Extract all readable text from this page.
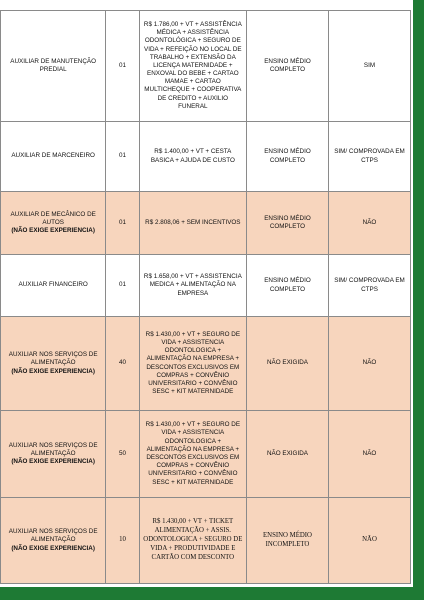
AUXILIAR DE MANUTENÇÃO PREDIAL	01	R$ 1.786,00 + VT + ASSISTÊNCIA MÉDICA + ASSISTÊNCIA ODONTOLÓGICA + SEGURO DE VIDA + REFEIÇÃO NO LOCAL DE TRABALHO + EXTENSÃO DA LICENÇA MATERNIDADE + ENXOVAL DO BEBE + CARTAO MAMAE + CARTAO MULTICHEQUE + COOPERATIVA DE CREDITO + AUXILIO FUNERAL	ENSINO MÉDIO COMPLETO	SIM

AUXILIAR DE MARCENEIRO	01	R$ 1.400,00 + VT + CESTA BASICA + AJUDA DE CUSTO	ENSINO MÉDIO COMPLETO	SIM/ COMPROVADA EM CTPS

AUXILIAR DE MECÂNICO DE AUTOS
(NÃO EXIGE EXPERIENCIA)	01	R$ 2.808,06 + SEM INCENTIVOS	ENSINO MÉDIO COMPLETO	NÃO

AUXILIAR FINANCEIRO	01	R$ 1.658,00 + VT + ASSISTENCIA MEDICA + ALIMENTAÇÃO NA EMPRESA	ENSINO MÉDIO COMPLETO	SIM/ COMPROVADA EM CTPS

AUXILIAR NOS SERVIÇOS DE ALIMENTAÇÃO
(NÃO EXIGE EXPERIENCIA)	40	R$ 1.430,00 + VT + SEGURO DE VIDA + ASSISTENCIA ODONTOLOGICA + ALIMENTAÇÃO NA EMPRESA + DESCONTOS EXCLUSIVOS EM COMPRAS + CONVÊNIO UNIVERSITARIO + CONVÊNIO SESC + KIT MATERNIDADE	NÃO EXIGIDA	NÃO

AUXILIAR NOS SERVIÇOS DE ALIMENTAÇÃO
(NÃO EXIGE EXPERIENCIA)	50	R$ 1.430,00 + VT + SEGURO DE VIDA + ASSISTENCIA ODONTOLOGICA + ALIMENTAÇÃO NA EMPRESA + DESCONTOS EXCLUSIVOS EM COMPRAS + CONVÊNIO UNIVERSITARIO + CONVÊNIO SESC + KIT MATERNIDADE	NÃO EXIGIDA	NÃO

AUXILIAR NOS SERVIÇOS DE ALIMENTAÇÃO
(NÃO EXIGE EXPERIENCIA)	10	R$ 1.430,00 + VT + TICKET ALIMENTAÇÃO + ASSIS. ODONTOLOGICA + SEGURO DE VIDA + PRODUTIVIDADE E CARTÃO COM DESCONTO	ENSINO MÉDIO INCOMPLETO	NÃO
